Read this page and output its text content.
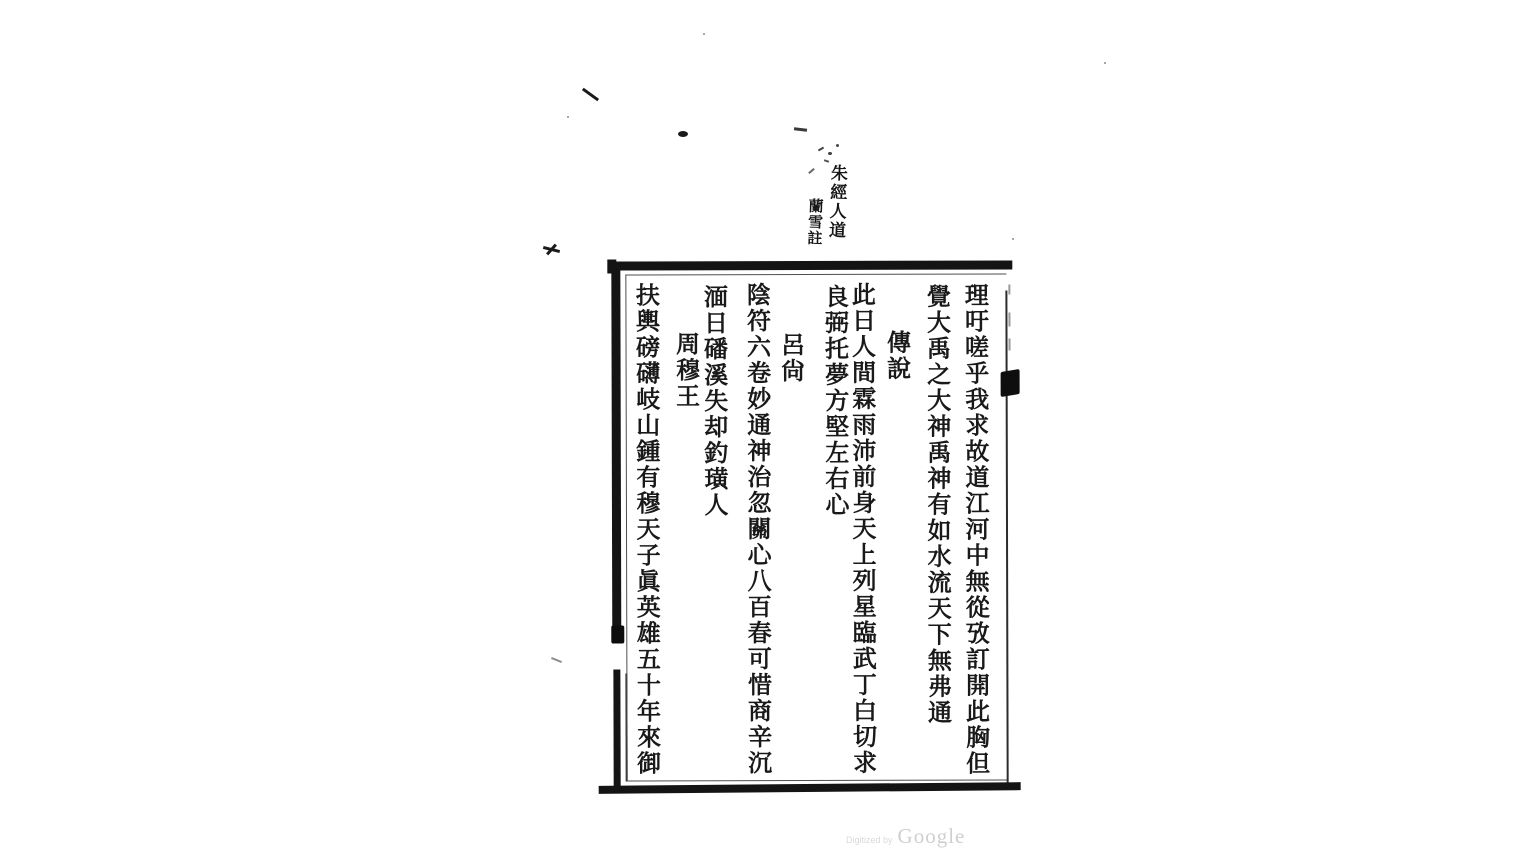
朱經人道
蘭雪註
理吁嗟乎我求故道江河中無從攷訂開此胸但
覺大禹之大神禹神有如水流天下無弗通
傳說
此日人間霖雨沛前身天上列星臨武丁白切求
良弼托夢方堅左右心
呂尙
陰符六卷妙通神治忽關心八百春可惜商辛沉
湎日磻溪失却釣璜人
周穆王
扶輿磅礴岐山鍾有穆天子眞英雄五十年來御
Digitized by Google
